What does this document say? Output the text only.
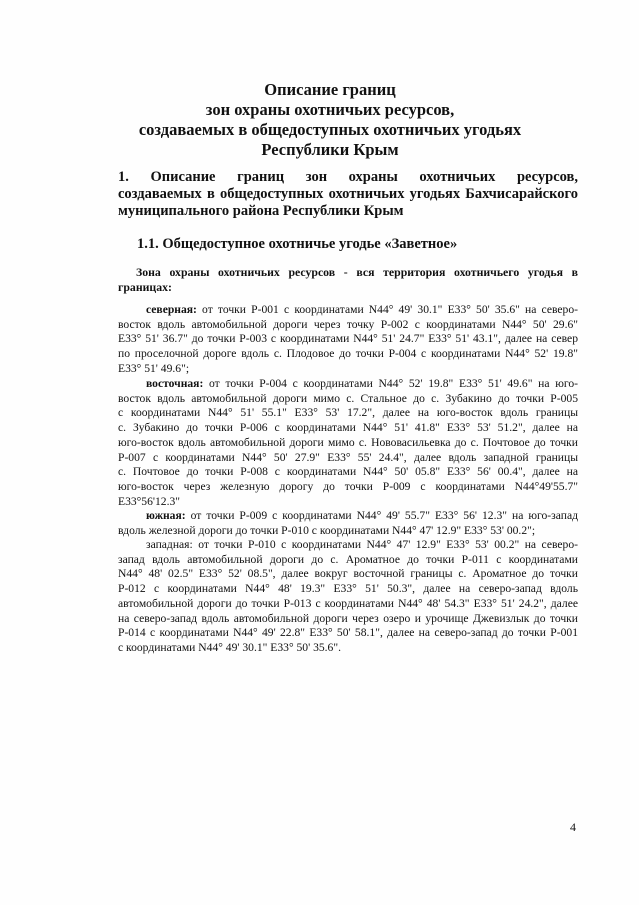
Описание границ
зон охраны охотничьих ресурсов,
создаваемых в общедоступных охотничьих угодьях
Республики Крым
1. Описание границ зон охраны охотничьих ресурсов,
создаваемых в общедоступных охотничьих угодьях Бахчисарайского
муниципального района Республики Крым
1.1. Общедоступное охотничье угодье «Заветное»
Зона охраны охотничьих ресурсов - вся территория охотничьего угодья в
границах:
северная: от точки Р-001 с координатами N44° 49' 30.1" E33° 50' 35.6" на северо-
восток вдоль автомобильной дороги через точку Р-002 с координатами N44° 50' 29.6"
E33° 51' 36.7" до точки Р-003 с координатами N44° 51' 24.7" E33° 51' 43.1", далее на север
по проселочной дороге вдоль с. Плодовое до точки Р-004 с координатами N44° 52' 19.8"
E33° 51' 49.6";
восточная: от точки Р-004 с координатами N44° 52' 19.8" E33° 51' 49.6" на юго-
восток вдоль автомобильной дороги мимо с. Стальное до с. Зубакино до точки Р-005
с координатами N44° 51' 55.1" E33° 53' 17.2", далее на юго-восток вдоль границы
с. Зубакино до точки Р-006 с координатами N44° 51' 41.8" E33° 53' 51.2", далее на
юго-восток вдоль автомобильной дороги мимо с. Нововасильевка до с. Почтовое до точки
Р-007 с координатами N44° 50' 27.9" E33° 55' 24.4", далее вдоль западной границы
с. Почтовое до точки Р-008 с координатами N44° 50' 05.8" E33° 56' 00.4", далее на
юго-восток через железную дорогу до точки Р-009 с координатами N44°49'55.7"
E33°56'12.3"
южная: от точки Р-009 с координатами N44° 49' 55.7" E33° 56' 12.3" на юго-запад
вдоль железной дороги до точки Р-010 с координатами N44° 47' 12.9" E33° 53' 00.2";
западная: от точки Р-010 с координатами N44° 47' 12.9" E33° 53' 00.2" на северо-
запад вдоль автомобильной дороги до с. Ароматное до точки Р-011 с координатами
N44° 48' 02.5" E33° 52' 08.5", далее вокруг восточной границы с. Ароматное до точки
Р-012 с координатами N44° 48' 19.3" E33° 51' 50.3", далее на северо-запад вдоль
автомобильной дороги до точки Р-013 с координатами N44° 48' 54.3" E33° 51' 24.2", далее
на северо-запад вдоль автомобильной дороги через озеро и урочище Джевизлык до точки
Р-014 с координатами N44° 49' 22.8" E33° 50' 58.1", далее на северо-запад до точки Р-001
с координатами N44° 49' 30.1" E33° 50' 35.6".
4
